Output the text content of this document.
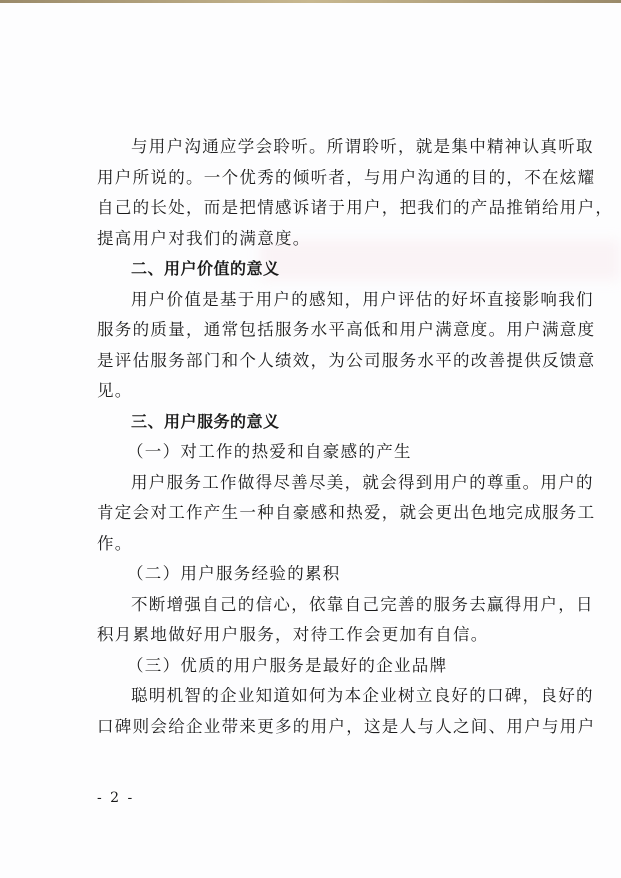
与用户沟通应学会聆听。所谓聆听，就是集中精神认真听取
用户所说的。一个优秀的倾听者，与用户沟通的目的，不在炫耀
自己的长处，而是把情感诉诸于用户，把我们的产品推销给用户，
提高用户对我们的满意度。
二、用户价值的意义
用户价值是基于用户的感知，用户评估的好坏直接影响我们
服务的质量，通常包括服务水平高低和用户满意度。用户满意度
是评估服务部门和个人绩效，为公司服务水平的改善提供反馈意
见。
三、用户服务的意义
（一）对工作的热爱和自豪感的产生
用户服务工作做得尽善尽美，就会得到用户的尊重。用户的
肯定会对工作产生一种自豪感和热爱，就会更出色地完成服务工
作。
（二）用户服务经验的累积
不断增强自己的信心，依靠自己完善的服务去赢得用户，日
积月累地做好用户服务，对待工作会更加有自信。
（三）优质的用户服务是最好的企业品牌
聪明机智的企业知道如何为本企业树立良好的口碑，良好的
口碑则会给企业带来更多的用户，这是人与人之间、用户与用户
- 2 -
